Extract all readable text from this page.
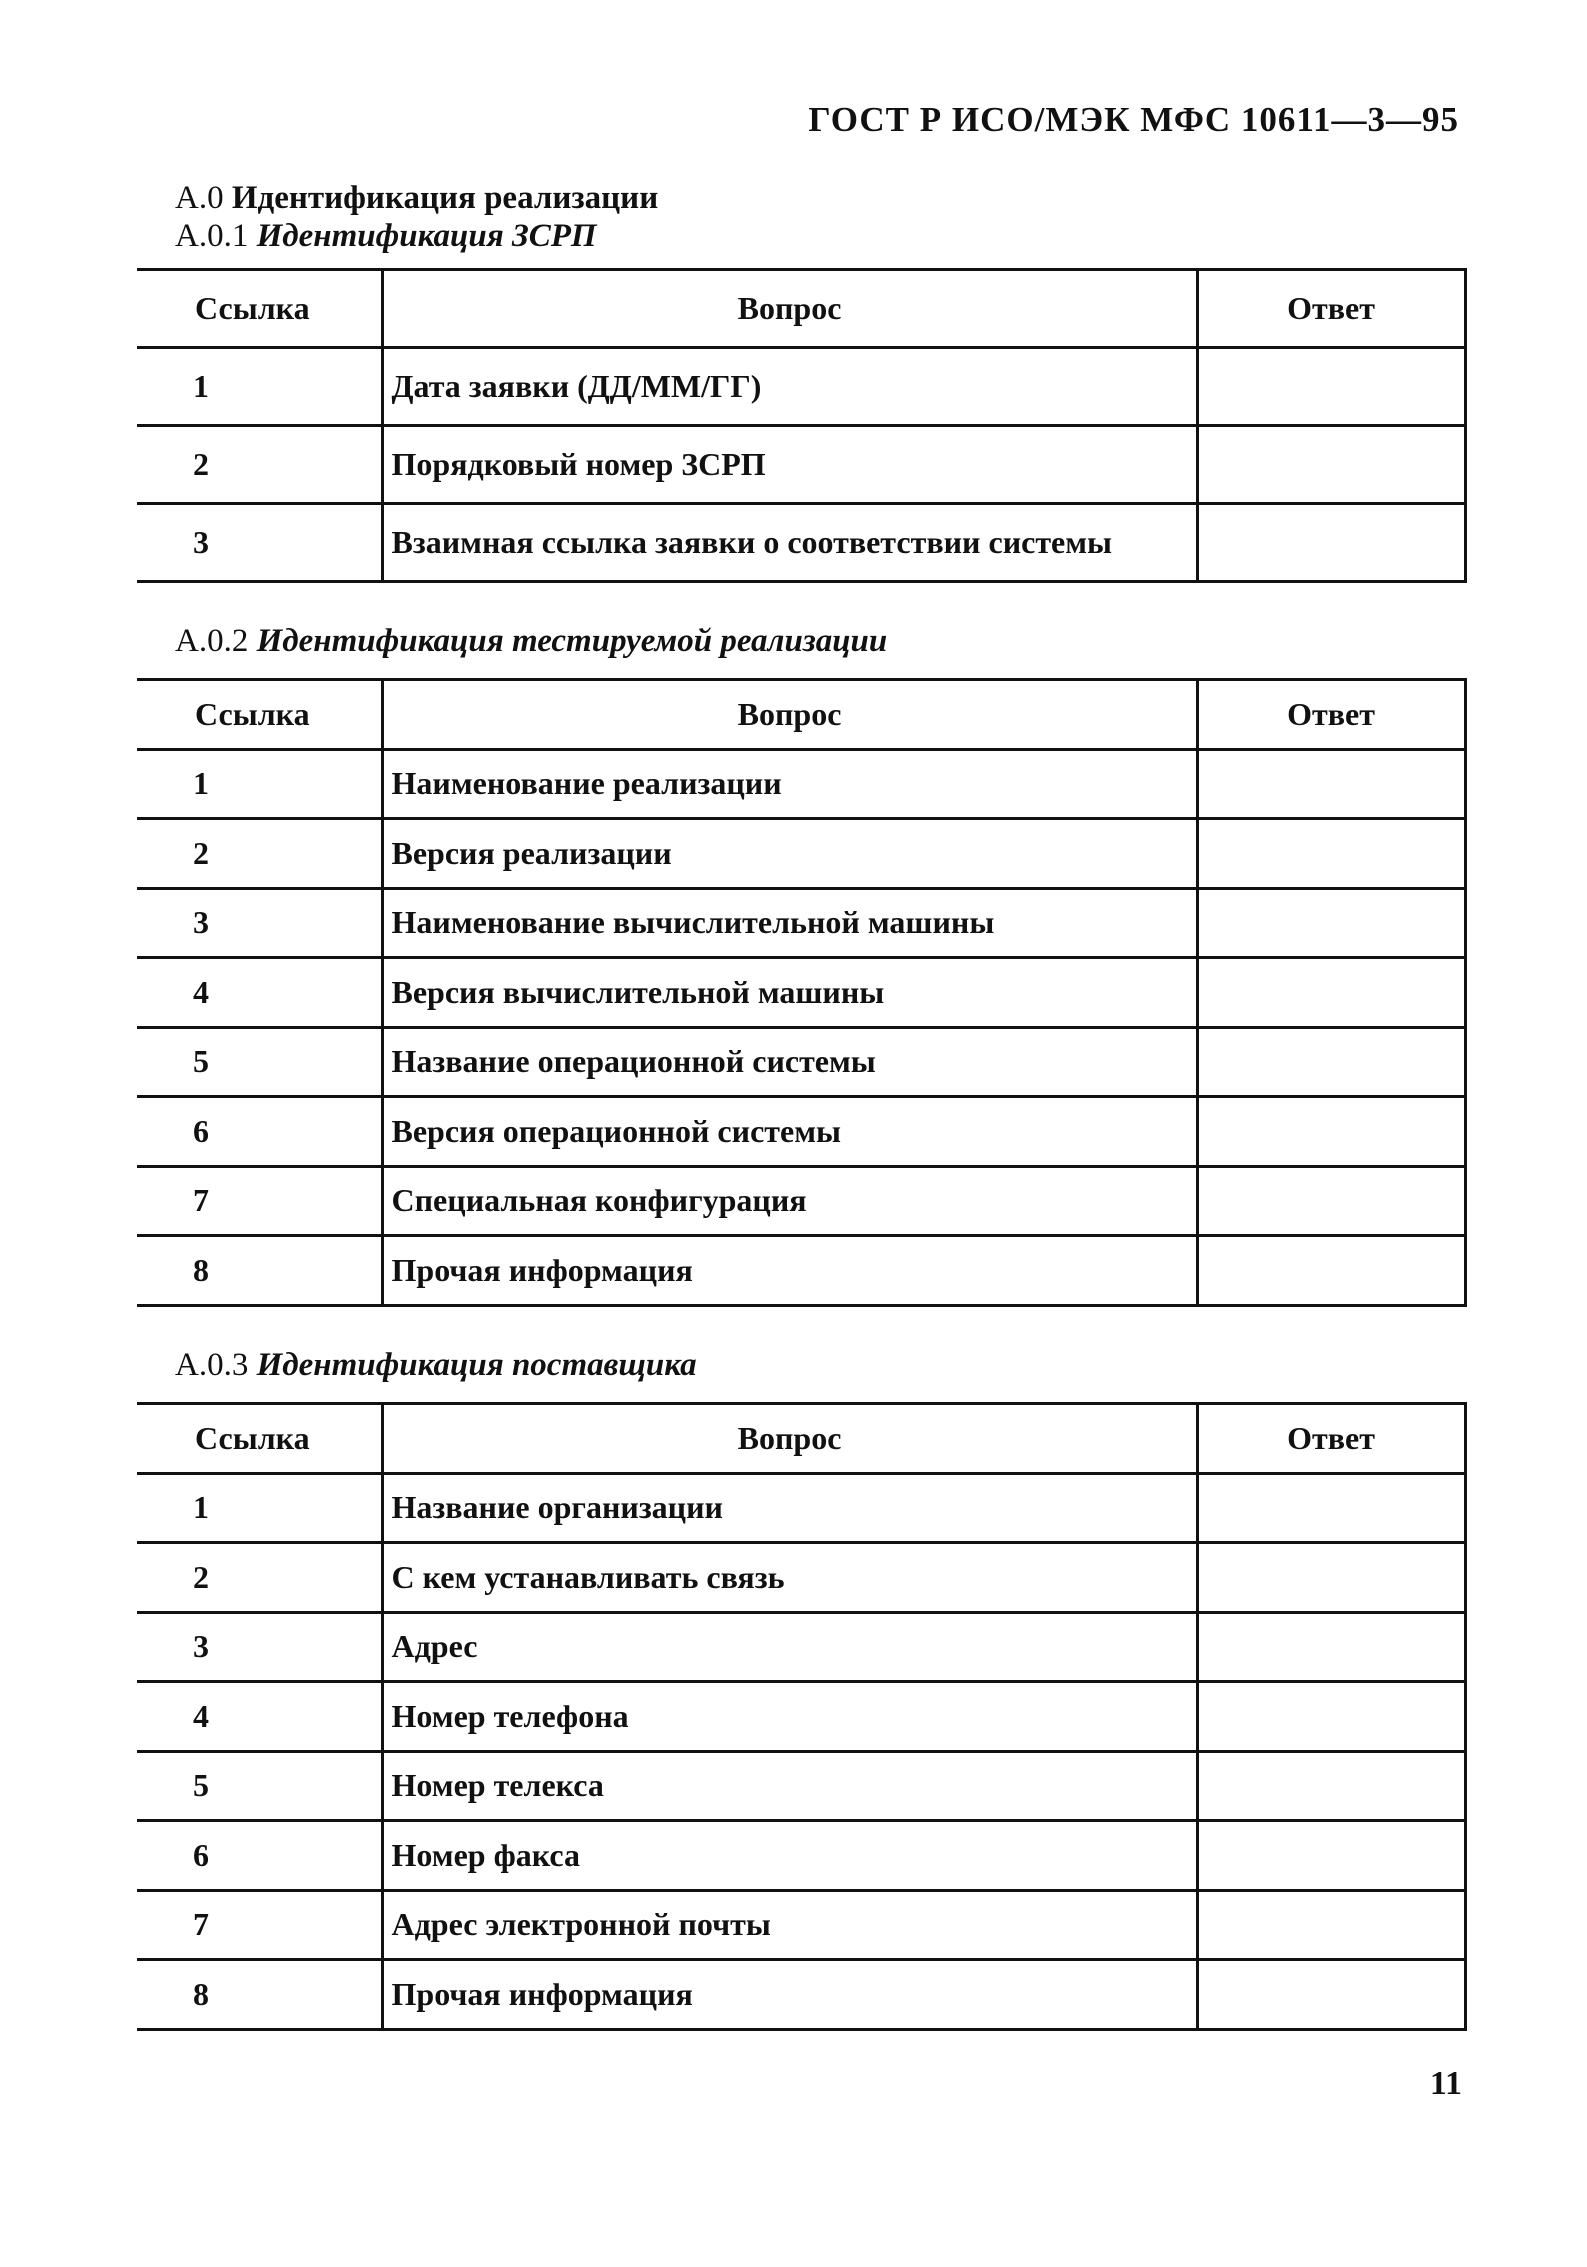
ГОСТ Р ИСО/МЭК МФС 10611—3—95
А.0 Идентификация реализации
А.0.1 Идентификация ЗСРП
Ссылка	Вопрос	Ответ
1	Дата заявки (ДД/ММ/ГГ)	
2	Порядковый номер ЗСРП	
3	Взаимная ссылка заявки о соответствии системы	
А.0.2 Идентификация тестируемой реализации
Ссылка	Вопрос	Ответ
1	Наименование реализации	
2	Версия реализации	
3	Наименование вычислительной машины	
4	Версия вычислительной машины	
5	Название операционной системы	
6	Версия операционной системы	
7	Специальная конфигурация	
8	Прочая информация	
А.0.3 Идентификация поставщика
Ссылка	Вопрос	Ответ
1	Название организации	
2	С кем устанавливать связь	
3	Адрес	
4	Номер телефона	
5	Номер телекса	
6	Номер факса	
7	Адрес электронной почты	
8	Прочая информация	
11
